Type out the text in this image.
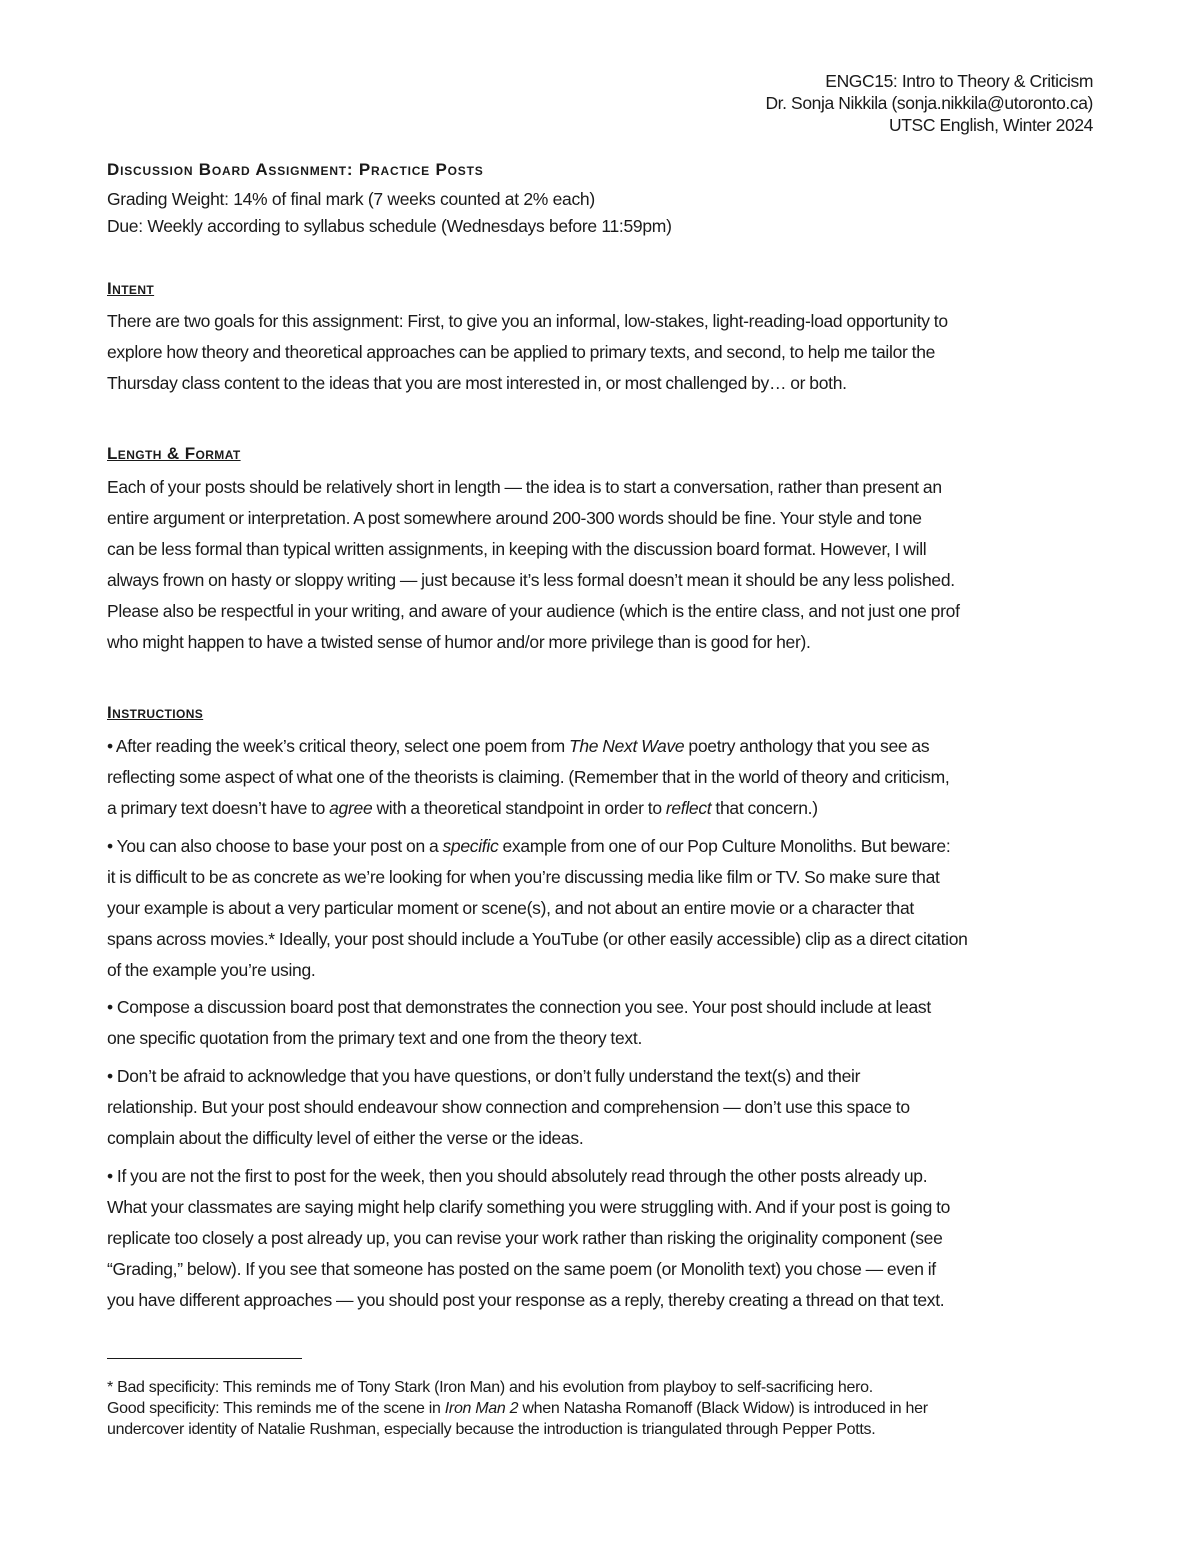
ENGC15: Intro to Theory & Criticism
Dr. Sonja Nikkila (sonja.nikkila@utoronto.ca)
UTSC English, Winter 2024
Discussion Board Assignment: Practice Posts
Grading Weight: 14% of final mark (7 weeks counted at 2% each)
Due: Weekly according to syllabus schedule (Wednesdays before 11:59pm)
Intent
There are two goals for this assignment: First, to give you an informal, low-stakes, light-reading-load opportunity to
explore how theory and theoretical approaches can be applied to primary texts, and second, to help me tailor the
Thursday class content to the ideas that you are most interested in, or most challenged by… or both.
Length & Format
Each of your posts should be relatively short in length — the idea is to start a conversation, rather than present an
entire argument or interpretation. A post somewhere around 200-300 words should be fine. Your style and tone
can be less formal than typical written assignments, in keeping with the discussion board format. However, I will
always frown on hasty or sloppy writing — just because it’s less formal doesn’t mean it should be any less polished.
Please also be respectful in your writing, and aware of your audience (which is the entire class, and not just one prof
who might happen to have a twisted sense of humor and/or more privilege than is good for her).
Instructions
• After reading the week’s critical theory, select one poem from The Next Wave poetry anthology that you see as
reflecting some aspect of what one of the theorists is claiming. (Remember that in the world of theory and criticism,
a primary text doesn’t have to agree with a theoretical standpoint in order to reflect that concern.)
• You can also choose to base your post on a specific example from one of our Pop Culture Monoliths. But beware:
it is difficult to be as concrete as we’re looking for when you’re discussing media like film or TV. So make sure that
your example is about a very particular moment or scene(s), and not about an entire movie or a character that
spans across movies.* Ideally, your post should include a YouTube (or other easily accessible) clip as a direct citation
of the example you’re using.
• Compose a discussion board post that demonstrates the connection you see. Your post should include at least
one specific quotation from the primary text and one from the theory text.
• Don’t be afraid to acknowledge that you have questions, or don’t fully understand the text(s) and their
relationship. But your post should endeavour show connection and comprehension — don’t use this space to
complain about the difficulty level of either the verse or the ideas.
• If you are not the first to post for the week, then you should absolutely read through the other posts already up.
What your classmates are saying might help clarify something you were struggling with. And if your post is going to
replicate too closely a post already up, you can revise your work rather than risking the originality component (see
“Grading,” below). If you see that someone has posted on the same poem (or Monolith text) you chose — even if
you have different approaches — you should post your response as a reply, thereby creating a thread on that text.
* Bad specificity: This reminds me of Tony Stark (Iron Man) and his evolution from playboy to self-sacrificing hero.
Good specificity: This reminds me of the scene in Iron Man 2 when Natasha Romanoff (Black Widow) is introduced in her
undercover identity of Natalie Rushman, especially because the introduction is triangulated through Pepper Potts.
